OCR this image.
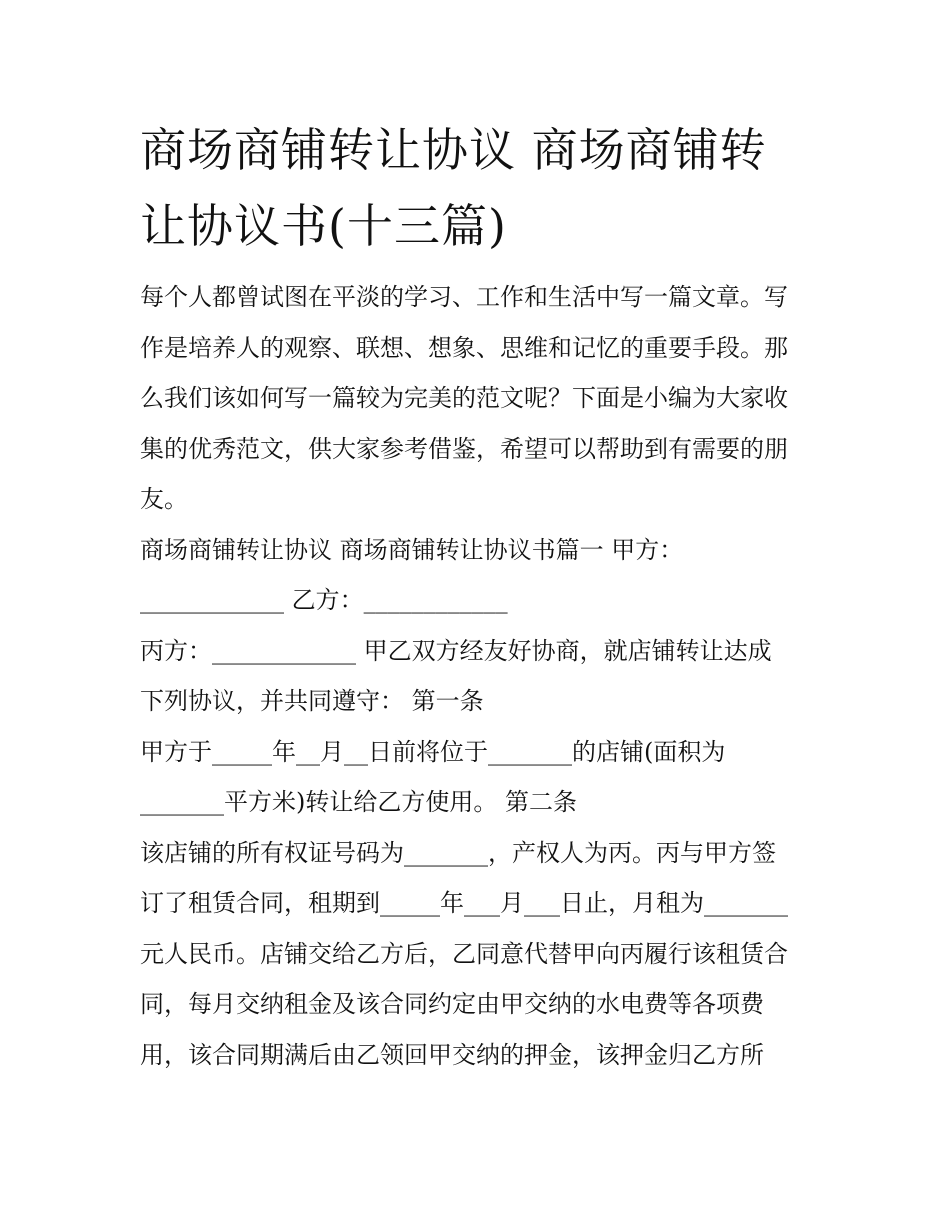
商场商铺转让协议 商场商铺转
让协议书(十三篇)

每个人都曾试图在平淡的学习、工作和生活中写一篇文章。写
作是培养人的观察、联想、想象、思维和记忆的重要手段。那
么我们该如何写一篇较为完美的范文呢？下面是小编为大家收
集的优秀范文，供大家参考借鉴，希望可以帮助到有需要的朋
友。

商场商铺转让协议 商场商铺转让协议书篇一 甲方：
____________ 乙方：____________
丙方：____________ 甲乙双方经友好协商，就店铺转让达成
下列协议，并共同遵守： 第一条
甲方于_____年__月__日前将位于_______的店铺(面积为
_______平方米)转让给乙方使用。 第二条
该店铺的所有权证号码为_______，产权人为丙。丙与甲方签
订了租赁合同，租期到_____年___月___日止，月租为_______
元人民币。店铺交给乙方后，乙同意代替甲向丙履行该租赁合
同，每月交纳租金及该合同约定由甲交纳的水电费等各项费
用，该合同期满后由乙领回甲交纳的押金，该押金归乙方所
